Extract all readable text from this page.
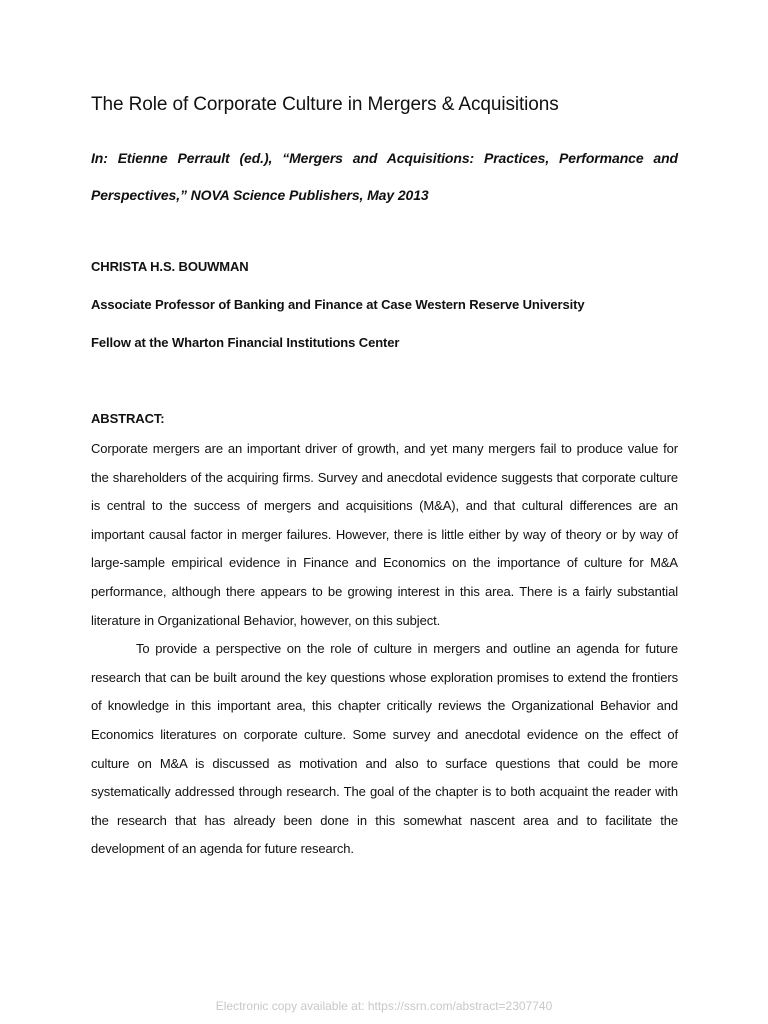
The Role of Corporate Culture in Mergers & Acquisitions

In: Etienne Perrault (ed.), “Mergers and Acquisitions: Practices, Performance and Perspectives,” NOVA Science Publishers, May 2013

CHRISTA H.S. BOUWMAN

Associate Professor of Banking and Finance at Case Western Reserve University

Fellow at the Wharton Financial Institutions Center

ABSTRACT:

Corporate mergers are an important driver of growth, and yet many mergers fail to produce value for the shareholders of the acquiring firms. Survey and anecdotal evidence suggests that corporate culture is central to the success of mergers and acquisitions (M&A), and that cultural differences are an important causal factor in merger failures. However, there is little either by way of theory or by way of large-sample empirical evidence in Finance and Economics on the importance of culture for M&A performance, although there appears to be growing interest in this area. There is a fairly substantial literature in Organizational Behavior, however, on this subject.

To provide a perspective on the role of culture in mergers and outline an agenda for future research that can be built around the key questions whose exploration promises to extend the frontiers of knowledge in this important area, this chapter critically reviews the Organizational Behavior and Economics literatures on corporate culture. Some survey and anecdotal evidence on the effect of culture on M&A is discussed as motivation and also to surface questions that could be more systematically addressed through research. The goal of the chapter is to both acquaint the reader with the research that has already been done in this somewhat nascent area and to facilitate the development of an agenda for future research.

Electronic copy available at: https://ssrn.com/abstract=2307740
